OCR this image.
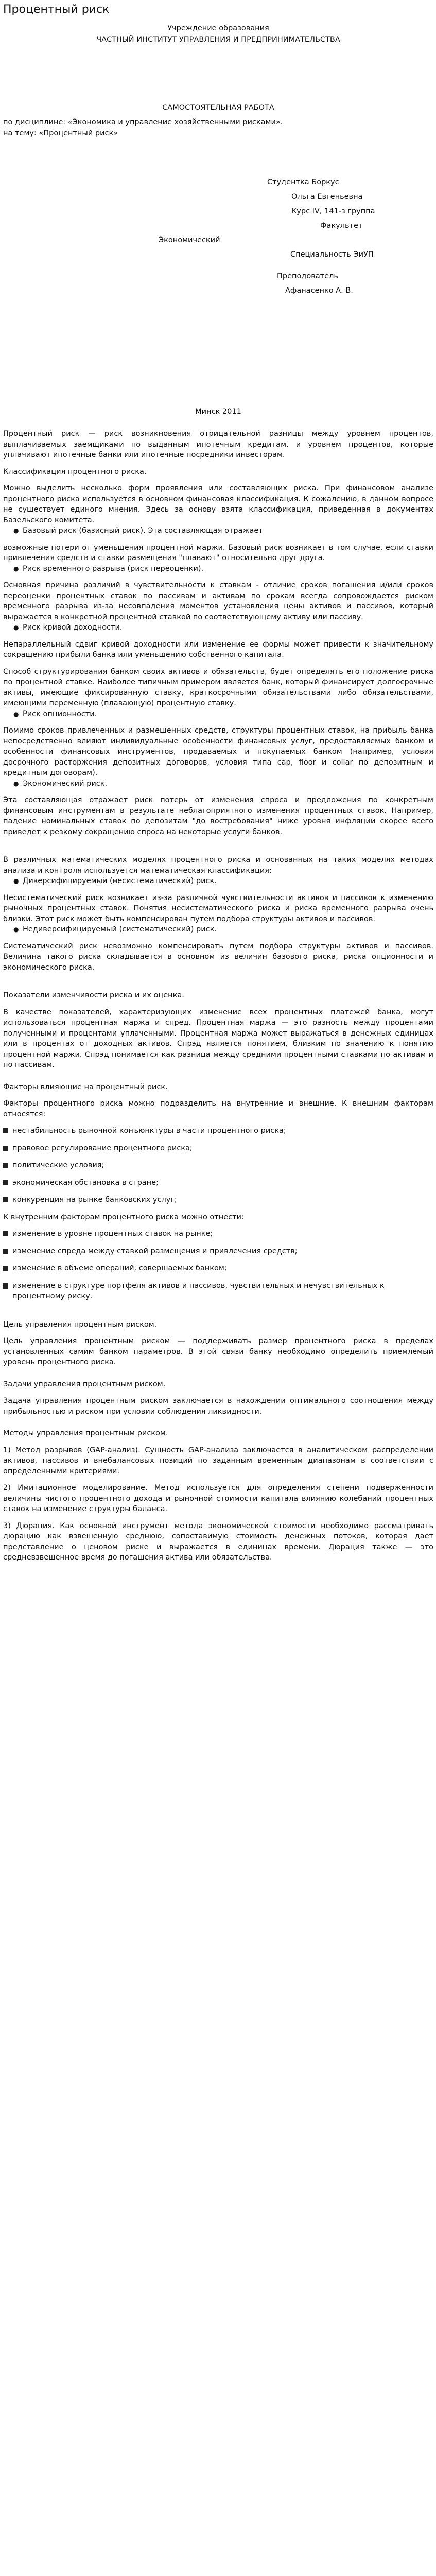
Процентный риск
Учреждение образования
ЧАСТНЫЙ ИНСТИТУТ УПРАВЛЕНИЯ И ПРЕДПРИНИМАТЕЛЬСТВА
САМОСТОЯТЕЛЬНАЯ РАБОТА
по дисциплине: «Экономика и управление хозяйственными рисками».
на тему: «Процентный риск»
Студентка Боркус
Ольга Евгеньевна
Курс IV, 141-з группа
Факультет
Экономический
Специальность ЭиУП
Преподователь
Афанасенко А. В.
Минск 2011

Процентный риск — риск возникновения отрицательной разницы между уровнем процентов, выплачиваемых заемщиками по выданным ипотечным кредитам, и уровнем процентов, которые уплачивают ипотечные банки или ипотечные посредники инвесторам.

Классификация процентного риска.

Можно выделить несколько форм проявления или составляющих риска. При финансовом анализе процентного риска используется в основном финансовая классификация. К сожалению, в данном вопросе не существует единого мнения. Здесь за основу взята классификация, приведенная в документах Базельского комитета.

● Базовый риск (базисный риск). Эта составляющая отражает

возможные потери от уменьшения процентной маржи. Базовый риск возникает в том случае, если ставки привлечения средств и ставки размещения "плавают" относительно друг друга.

● Риск временного разрыва (риск переоценки).

Основная причина различий в чувствительности к ставкам - отличие сроков погашения и/или сроков переоценки процентных ставок по пассивам и активам по срокам всегда сопровождается риском временного разрыва из-за несовпадения моментов установления цены активов и пассивов, который выражается в конкретной процентной ставкой по соответствующему активу или пассиву.

● Риск кривой доходности.

Непараллельный сдвиг кривой доходности или изменение ее формы может привести к значительному сокращению прибыли банка или уменьшению собственного капитала.

Способ структурирования банком своих активов и обязательств, будет определять его положение риска по процентной ставке. Наиболее типичным примером является банк, который финансирует долгосрочные активы, имеющие фиксированную ставку, краткосрочными обязательствами либо обязательствами, имеющими переменную (плавающую) процентную ставку.

● Риск опционности.

Помимо сроков привлеченных и размещенных средств, структуры процентных ставок, на прибыль банка непосредственно влияют индивидуальные особенности финансовых услуг, предоставляемых банком и особенности финансовых инструментов, продаваемых и покупаемых банком (например, условия досрочного расторжения депозитных договоров, условия типа cap, floor и collar по депозитным и кредитным договорам).

● Экономический риск.

Эта составляющая отражает риск потерь от изменения спроса и предложения по конкретным финансовым инструментам в результате неблагоприятного изменения процентных ставок. Например, падение номинальных ставок по депозитам "до востребования" ниже уровня инфляции скорее всего приведет к резкому сокращению спроса на некоторые услуги банков.

В различных математических моделях процентного риска и основанных на таких моделях методах анализа и контроля используется математическая классификация:

● Диверсифицируемый (несистематический) риск.

Несистематический риск возникает из-за различной чувствительности активов и пассивов к изменению рыночных процентных ставок. Понятия несистематического риска и риска временного разрыва очень близки. Этот риск может быть компенсирован путем подбора структуры активов и пассивов.

● Недиверсифицируемый (систематический) риск.

Систематический риск невозможно компенсировать путем подбора структуры активов и пассивов. Величина такого риска складывается в основном из величин базового риска, риска опционности и экономического риска.

Показатели изменчивости риска и их оценка.

В качестве показателей, характеризующих изменение всех процентных платежей банка, могут использоваться процентная маржа и спред. Процентная маржа — это разность между процентами полученными и процентами уплаченными. Процентная маржа может выражаться в денежных единицах или в процентах от доходных активов. Спрэд является понятием, близким по значению к понятию процентной маржи. Спрэд понимается как разница между средними процентными ставками по активам и по пассивам.

Факторы влияющие на процентный риск.

Факторы процентного риска можно подразделить на внутренние и внешние. К внешним факторам относятся:

нестабильность рыночной конъюнктуры в части процентного риска;
правовое регулирование процентного риска;
политические условия;
экономическая обстановка в стране;
конкуренция на рынке банковских услуг;

К внутренним факторам процентного риска можно отнести:

изменение в уровне процентных ставок на рынке;
изменение спреда между ставкой размещения и привлечения средств;
изменение в объеме операций, совершаемых банком;
изменение в структуре портфеля активов и пассивов, чувствительных и нечувствительных к процентному риску.

Цель управления процентным риском.

Цель управления процентным риском — поддерживать размер процентного риска в пределах установленных самим банком параметров. В этой связи банку необходимо определить приемлемый уровень процентного риска.

Задачи управления процентным риском.

Задача управления процентным риском заключается в нахождении оптимального соотношения между прибыльностью и риском при условии соблюдения ликвидности.

Методы управления процентным риском.

1) Метод разрывов (GAP-анализ). Сущность GAP-анализа заключается в аналитическом распределении активов, пассивов и внебалансовых позиций по заданным временным диапазонам в соответствии с определенными критериями.

2) Имитационное моделирование. Метод используется для определения степени подверженности величины чистого процентного дохода и рыночной стоимости капитала влиянию колебаний процентных ставок на изменение структуры баланса.

3) Дюрация. Как основной инструмент метода экономической стоимости необходимо рассматривать дюрацию как взвешенную среднюю, сопоставимую стоимость денежных потоков, которая дает представление о ценовом риске и выражается в единицах времени. Дюрация также — это средневзвешенное время до погашения актива или обязательства.
